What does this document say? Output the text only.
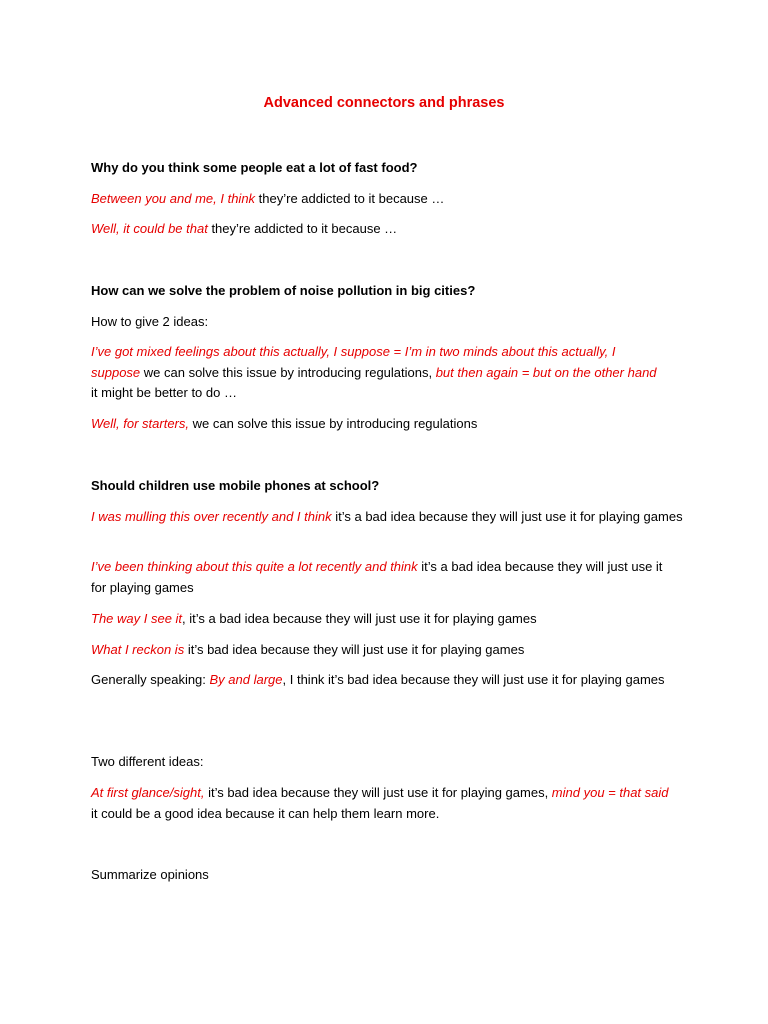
Advanced connectors and phrases
Why do you think some people eat a lot of fast food?
Between you and me, I think they’re addicted to it because …
Well, it could be that they’re addicted to it because …
How can we solve the problem of noise pollution in big cities?
How to give 2 ideas:
I’ve got mixed feelings about this actually, I suppose = I’m in two minds about this actually, I suppose we can solve this issue by introducing regulations, but then again = but on the other hand it might be better to do …
Well, for starters, we can solve this issue by introducing regulations
Should children use mobile phones at school?
I was mulling this over recently and I think it’s a bad idea because they will just use it for playing games
I’ve been thinking about this quite a lot recently and think it’s a bad idea because they will just use it for playing games
The way I see it, it’s a bad idea because they will just use it for playing games
What I reckon is it’s bad idea because they will just use it for playing games
Generally speaking: By and large, I think it’s bad idea because they will just use it for playing games
Two different ideas:
At first glance/sight, it’s bad idea because they will just use it for playing games, mind you = that said it could be a good idea because it can help them learn more.
Summarize opinions
